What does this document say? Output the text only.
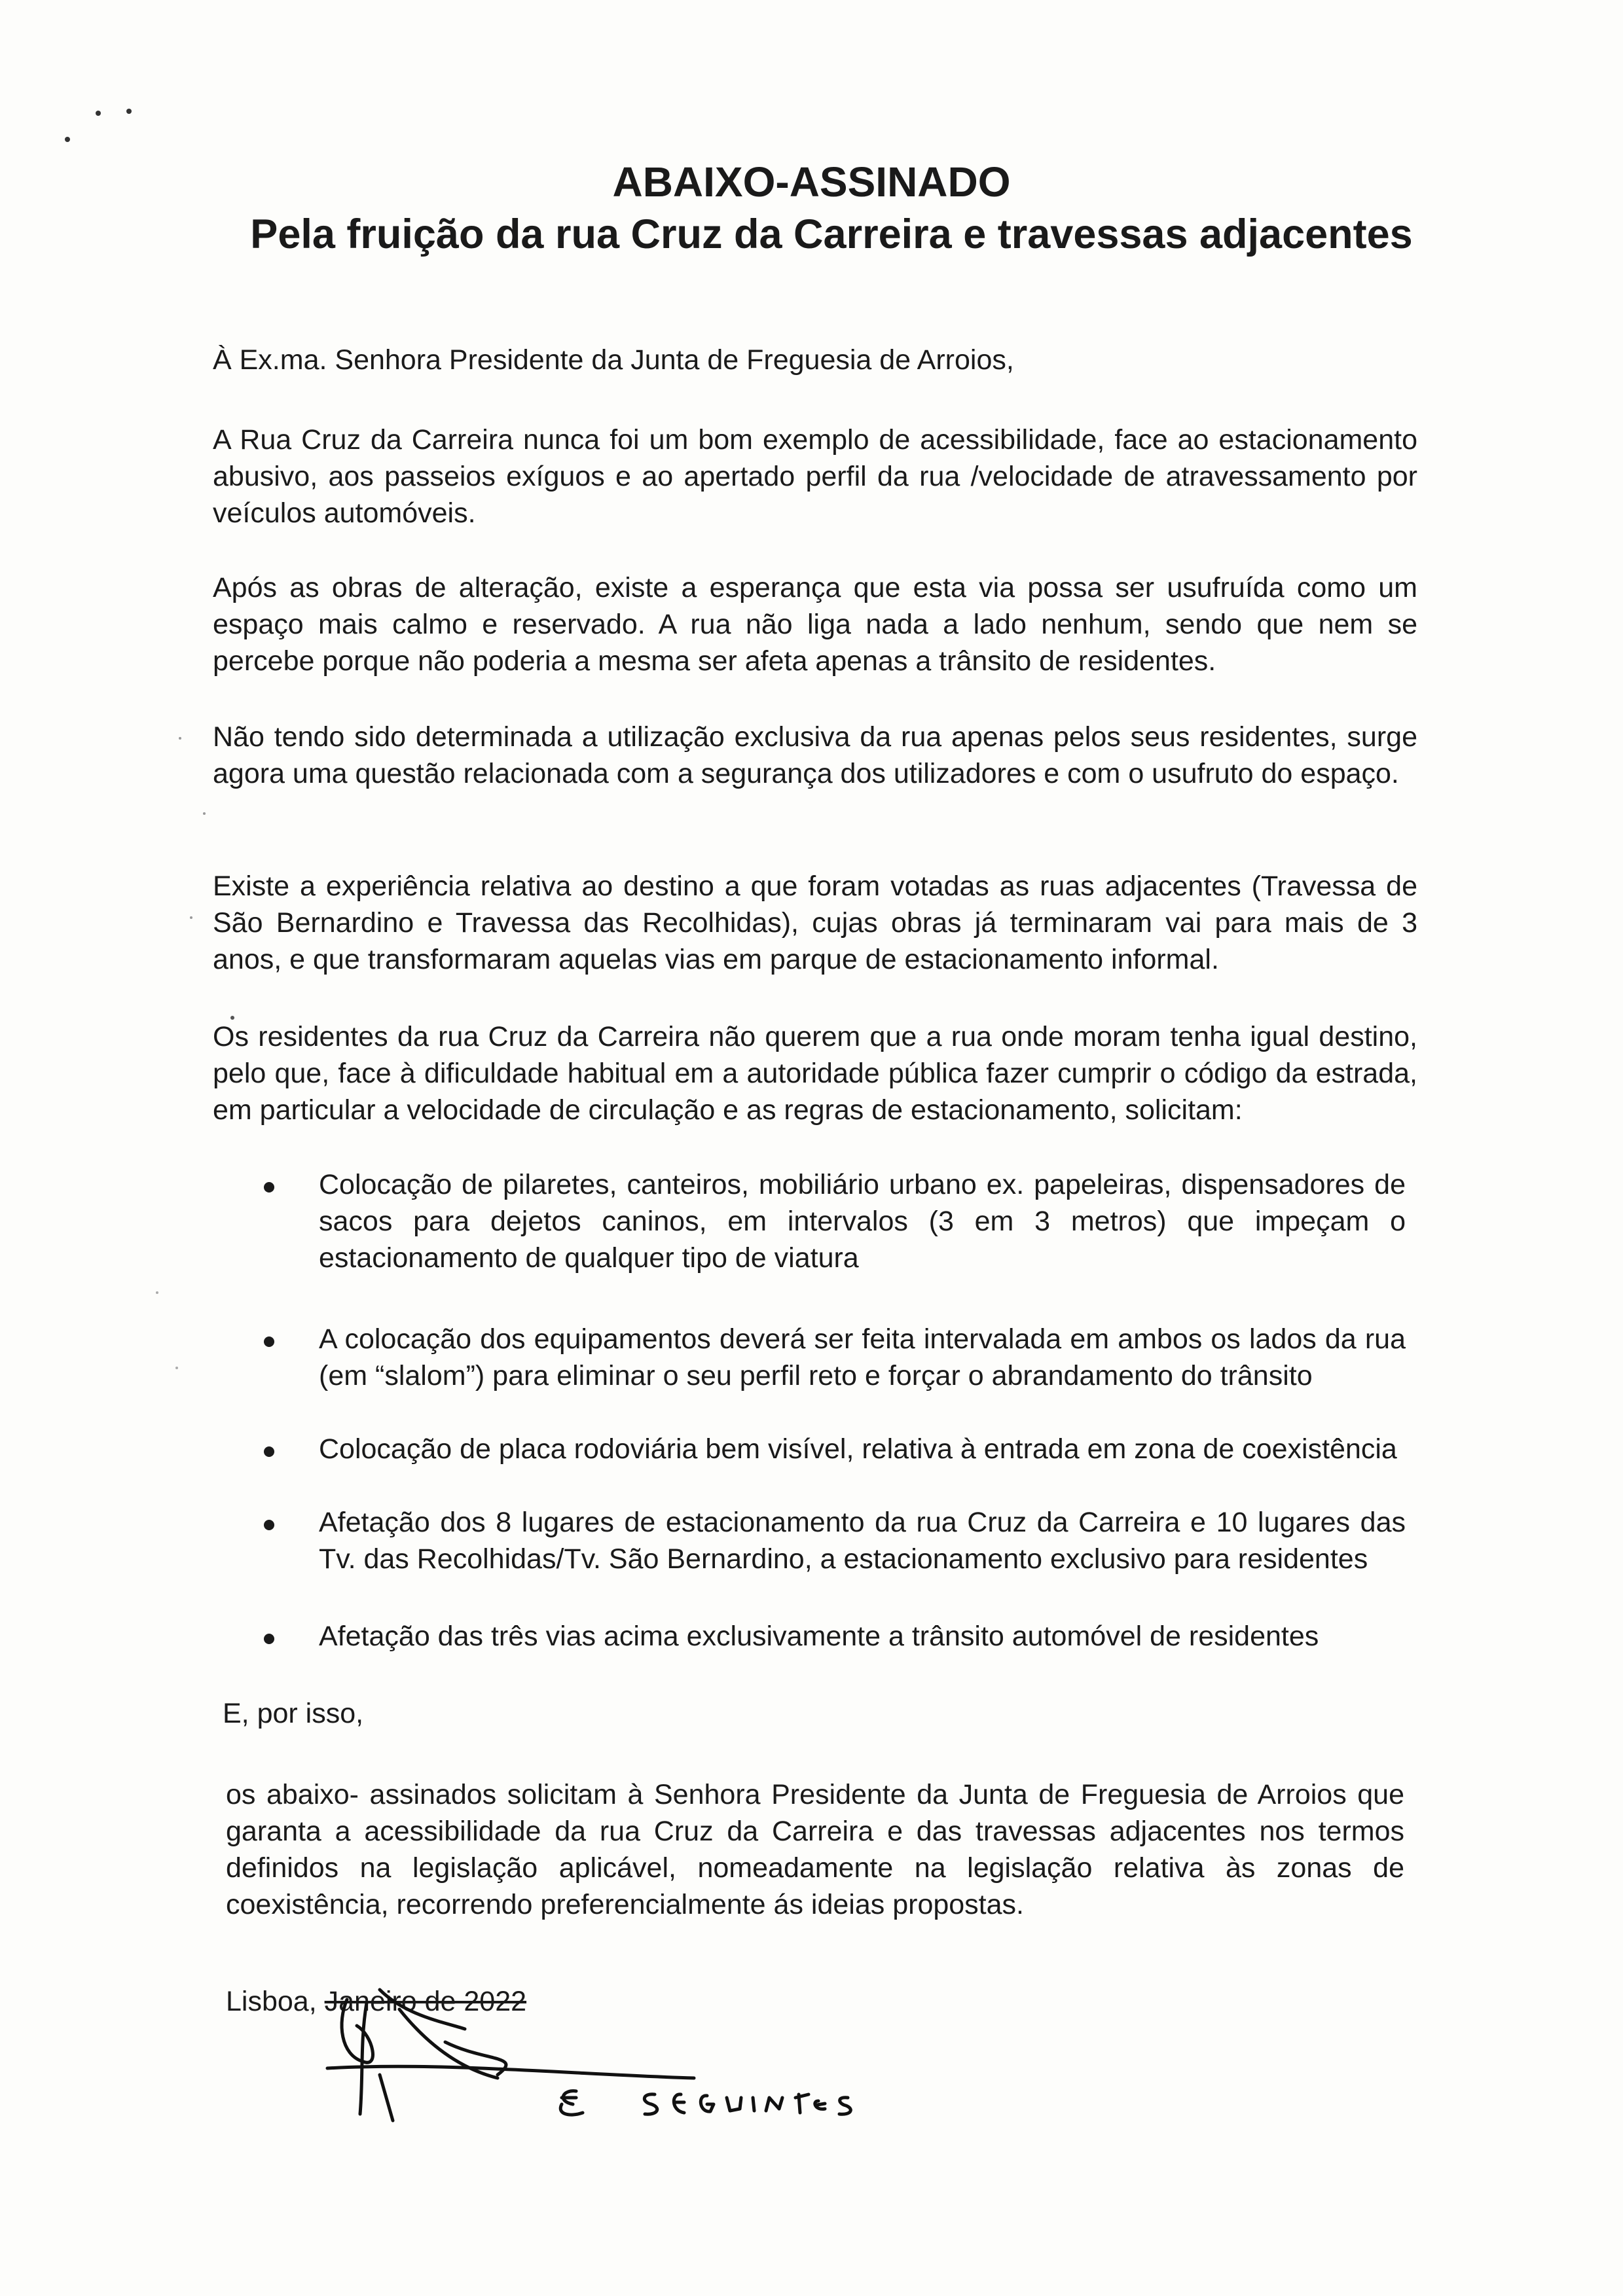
ABAIXO-ASSINADO
Pela fruição da rua Cruz da Carreira e travessas adjacentes

À Ex.ma. Senhora Presidente da Junta de Freguesia de Arroios,

A Rua Cruz da Carreira nunca foi um bom exemplo de acessibilidade, face ao estacionamento abusivo, aos passeios exíguos e ao apertado perfil da rua /velocidade de atravessamento por veículos automóveis.

Após as obras de alteração, existe a esperança que esta via possa ser usufruída como um espaço mais calmo e reservado. A rua não liga nada a lado nenhum, sendo que nem se percebe porque não poderia a mesma ser afeta apenas a trânsito de residentes.

Não tendo sido determinada a utilização exclusiva da rua apenas pelos seus residentes, surge agora uma questão relacionada com a segurança dos utilizadores e com o usufruto do espaço.

Existe a experiência relativa ao destino a que foram votadas as ruas adjacentes (Travessa de São Bernardino e Travessa das Recolhidas), cujas obras já terminaram vai para mais de 3 anos, e que transformaram aquelas vias em parque de estacionamento informal.

Os residentes da rua Cruz da Carreira não querem que a rua onde moram tenha igual destino, pelo que, face à dificuldade habitual em a autoridade pública fazer cumprir o código da estrada, em particular a velocidade de circulação e as regras de estacionamento, solicitam:

Colocação de pilaretes, canteiros, mobiliário urbano ex. papeleiras, dispensadores de sacos para dejetos caninos, em intervalos (3 em 3 metros) que impeçam o estacionamento de qualquer tipo de viatura

A colocação dos equipamentos deverá ser feita intervalada em ambos os lados da rua (em “slalom”) para eliminar o seu perfil reto e forçar o abrandamento do trânsito

Colocação de placa rodoviária bem visível, relativa à entrada em zona de coexistência

Afetação dos 8 lugares de estacionamento da rua Cruz da Carreira e 10 lugares das Tv. das Recolhidas/Tv. São Bernardino, a estacionamento exclusivo para residentes

Afetação das três vias acima exclusivamente a trânsito automóvel de residentes

E, por isso,

os abaixo- assinados solicitam à Senhora Presidente da Junta de Freguesia de Arroios que garanta a acessibilidade da rua Cruz da Carreira e das travessas adjacentes nos termos definidos na legislação aplicável, nomeadamente na legislação relativa às zonas de coexistência, recorrendo preferencialmente ás ideias propostas.

Lisboa, Janeiro de 2022
